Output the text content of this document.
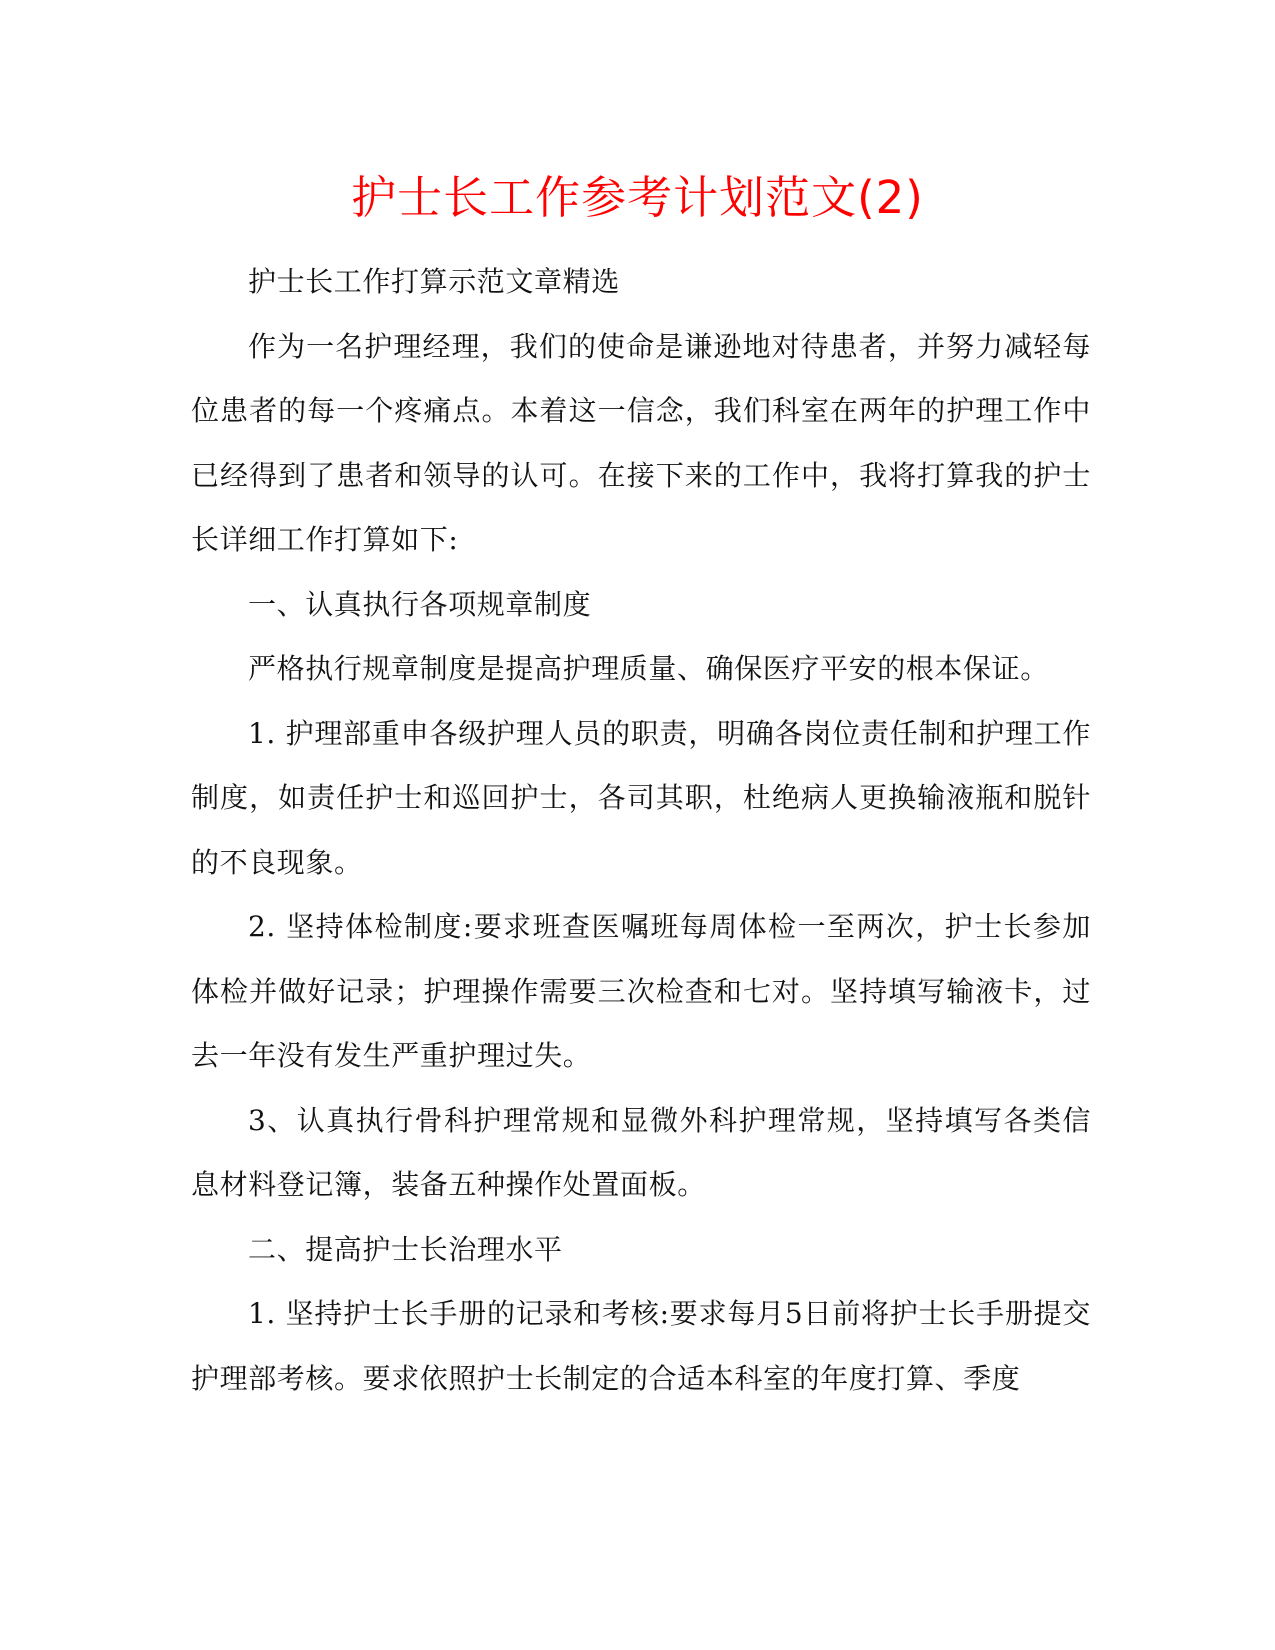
护士长工作参考计划范文(2)

护士长工作打算示范文章精选

作为一名护理经理，我们的使命是谦逊地对待患者，并努力减轻每位患者的每一个疼痛点。本着这一信念，我们科室在两年的护理工作中已经得到了患者和领导的认可。在接下来的工作中，我将打算我的护士长详细工作打算如下:

一、认真执行各项规章制度

严格执行规章制度是提高护理质量、确保医疗平安的根本保证。

1. 护理部重申各级护理人员的职责，明确各岗位责任制和护理工作制度，如责任护士和巡回护士，各司其职，杜绝病人更换输液瓶和脱针的不良现象。

2. 坚持体检制度:要求班查医嘱班每周体检一至两次，护士长参加体检并做好记录；护理操作需要三次检查和七对。坚持填写输液卡，过去一年没有发生严重护理过失。

3、认真执行骨科护理常规和显微外科护理常规，坚持填写各类信息材料登记簿，装备五种操作处置面板。

二、提高护士长治理水平

1. 坚持护士长手册的记录和考核:要求每月5日前将护士长手册提交护理部考核。要求依照护士长制定的合适本科室的年度打算、季度
